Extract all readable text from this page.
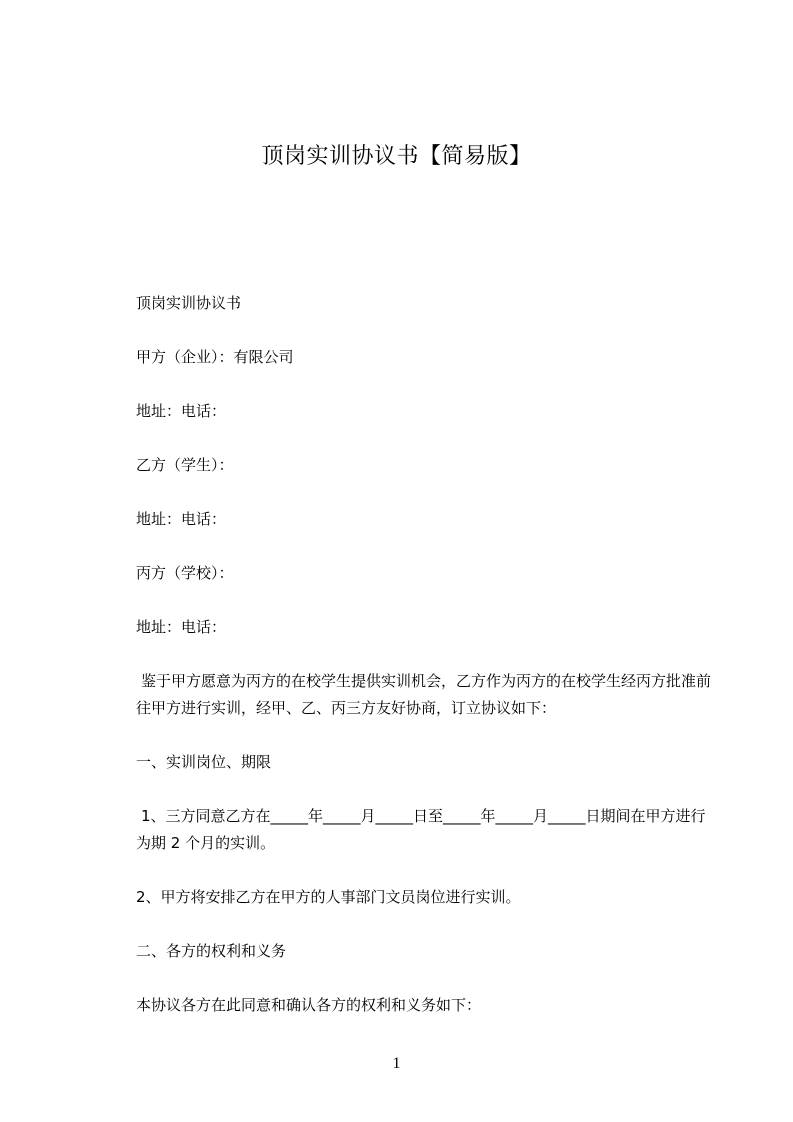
顶岗实训协议书【简易版】

顶岗实训协议书

甲方（企业）：有限公司

地址：电话：

乙方（学生）：

地址：电话：

丙方（学校）：

地址：电话：

鉴于甲方愿意为丙方的在校学生提供实训机会，乙方作为丙方的在校学生经丙方批准前往甲方进行实训，经甲、乙、丙三方友好协商，订立协议如下：

一、实训岗位、期限

1、三方同意乙方在_____年_____月_____日至_____年_____月_____日期间在甲方进行为期 2 个月的实训。

2、甲方将安排乙方在甲方的人事部门文员岗位进行实训。

二、各方的权利和义务

本协议各方在此同意和确认各方的权利和义务如下：

1
